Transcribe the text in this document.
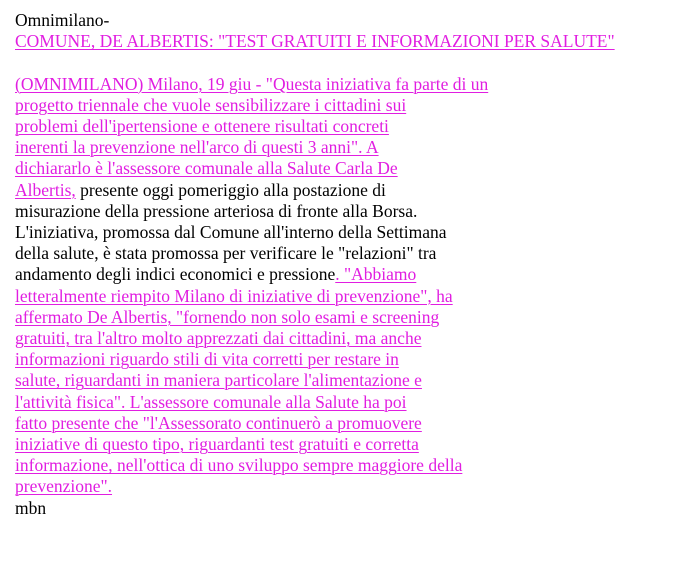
Omnimilano-
COMUNE, DE ALBERTIS: "TEST GRATUITI E INFORMAZIONI PER SALUTE"
(OMNIMILANO) Milano, 19 giu - "Questa iniziativa fa parte di un
progetto triennale che vuole sensibilizzare i cittadini sui
problemi dell'ipertensione e ottenere risultati concreti
inerenti la prevenzione nell'arco di questi 3 anni". A
dichiararlo è l'assessore comunale alla Salute Carla De
Albertis, presente oggi pomeriggio alla postazione di
misurazione della pressione arteriosa di fronte alla Borsa.
L'iniziativa, promossa dal Comune all'interno della Settimana
della salute, è stata promossa per verificare le "relazioni" tra
andamento degli indici economici e pressione. "Abbiamo
letteralmente riempito Milano di iniziative di prevenzione", ha
affermato De Albertis, "fornendo non solo esami e screening
gratuiti, tra l'altro molto apprezzati dai cittadini, ma anche
informazioni riguardo stili di vita corretti per restare in
salute, riguardanti in maniera particolare l'alimentazione e
l'attività fisica". L'assessore comunale alla Salute ha poi
fatto presente che "l'Assessorato continuerò a promuovere
iniziative di questo tipo, riguardanti test gratuiti e corretta
informazione, nell'ottica di uno sviluppo sempre maggiore della
prevenzione".
mbn
